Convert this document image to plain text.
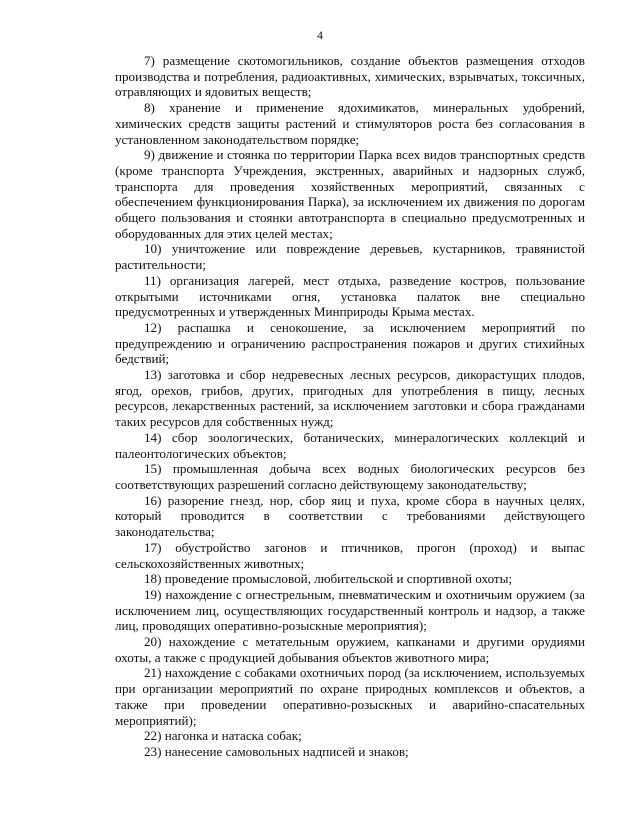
4

7) размещение скотомогильников, создание объектов размещения отходов производства и потребления, радиоактивных, химических, взрывчатых, токсичных, отравляющих и ядовитых веществ;

8) хранение и применение ядохимикатов, минеральных удобрений, химических средств защиты растений и стимуляторов роста без согласования в установленном законодательством порядке;

9) движение и стоянка по территории Парка всех видов транспортных средств (кроме транспорта Учреждения, экстренных, аварийных и надзорных служб, транспорта для проведения хозяйственных мероприятий, связанных с обеспечением функционирования Парка), за исключением их движения по дорогам общего пользования и стоянки автотранспорта в специально предусмотренных и оборудованных для этих целей местах;

10) уничтожение или повреждение деревьев, кустарников, травянистой растительности;

11) организация лагерей, мест отдыха, разведение костров, пользование открытыми источниками огня, установка палаток вне специально предусмотренных и утвержденных Минприроды Крыма местах.

12) распашка и сенокошение, за исключением мероприятий по предупреждению и ограничению распространения пожаров и других стихийных бедствий;

13) заготовка и сбор недревесных лесных ресурсов, дикорастущих плодов, ягод, орехов, грибов, других, пригодных для употребления в пищу, лесных ресурсов, лекарственных растений, за исключением заготовки и сбора гражданами таких ресурсов для собственных нужд;

14) сбор зоологических, ботанических, минералогических коллекций и палеонтологических объектов;

15) промышленная добыча всех водных биологических ресурсов без соответствующих разрешений согласно действующему законодательству;

16) разорение гнезд, нор, сбор яиц и пуха, кроме сбора в научных целях, который проводится в соответствии с требованиями действующего законодательства;

17) обустройство загонов и птичников, прогон (проход) и выпас сельскохозяйственных животных;

18) проведение промысловой, любительской и спортивной охоты;

19) нахождение с огнестрельным, пневматическим и охотничьим оружием (за исключением лиц, осуществляющих государственный контроль и надзор, а также лиц, проводящих оперативно-розыскные мероприятия);

20) нахождение с метательным оружием, капканами и другими орудиями охоты, а также с продукцией добывания объектов животного мира;

21) нахождение с собаками охотничьих пород (за исключением, используемых при организации мероприятий по охране природных комплексов и объектов, а также при проведении оперативно-розыскных и аварийно-спасательных мероприятий);

22) нагонка и натаска собак;

23) нанесение самовольных надписей и знаков;
